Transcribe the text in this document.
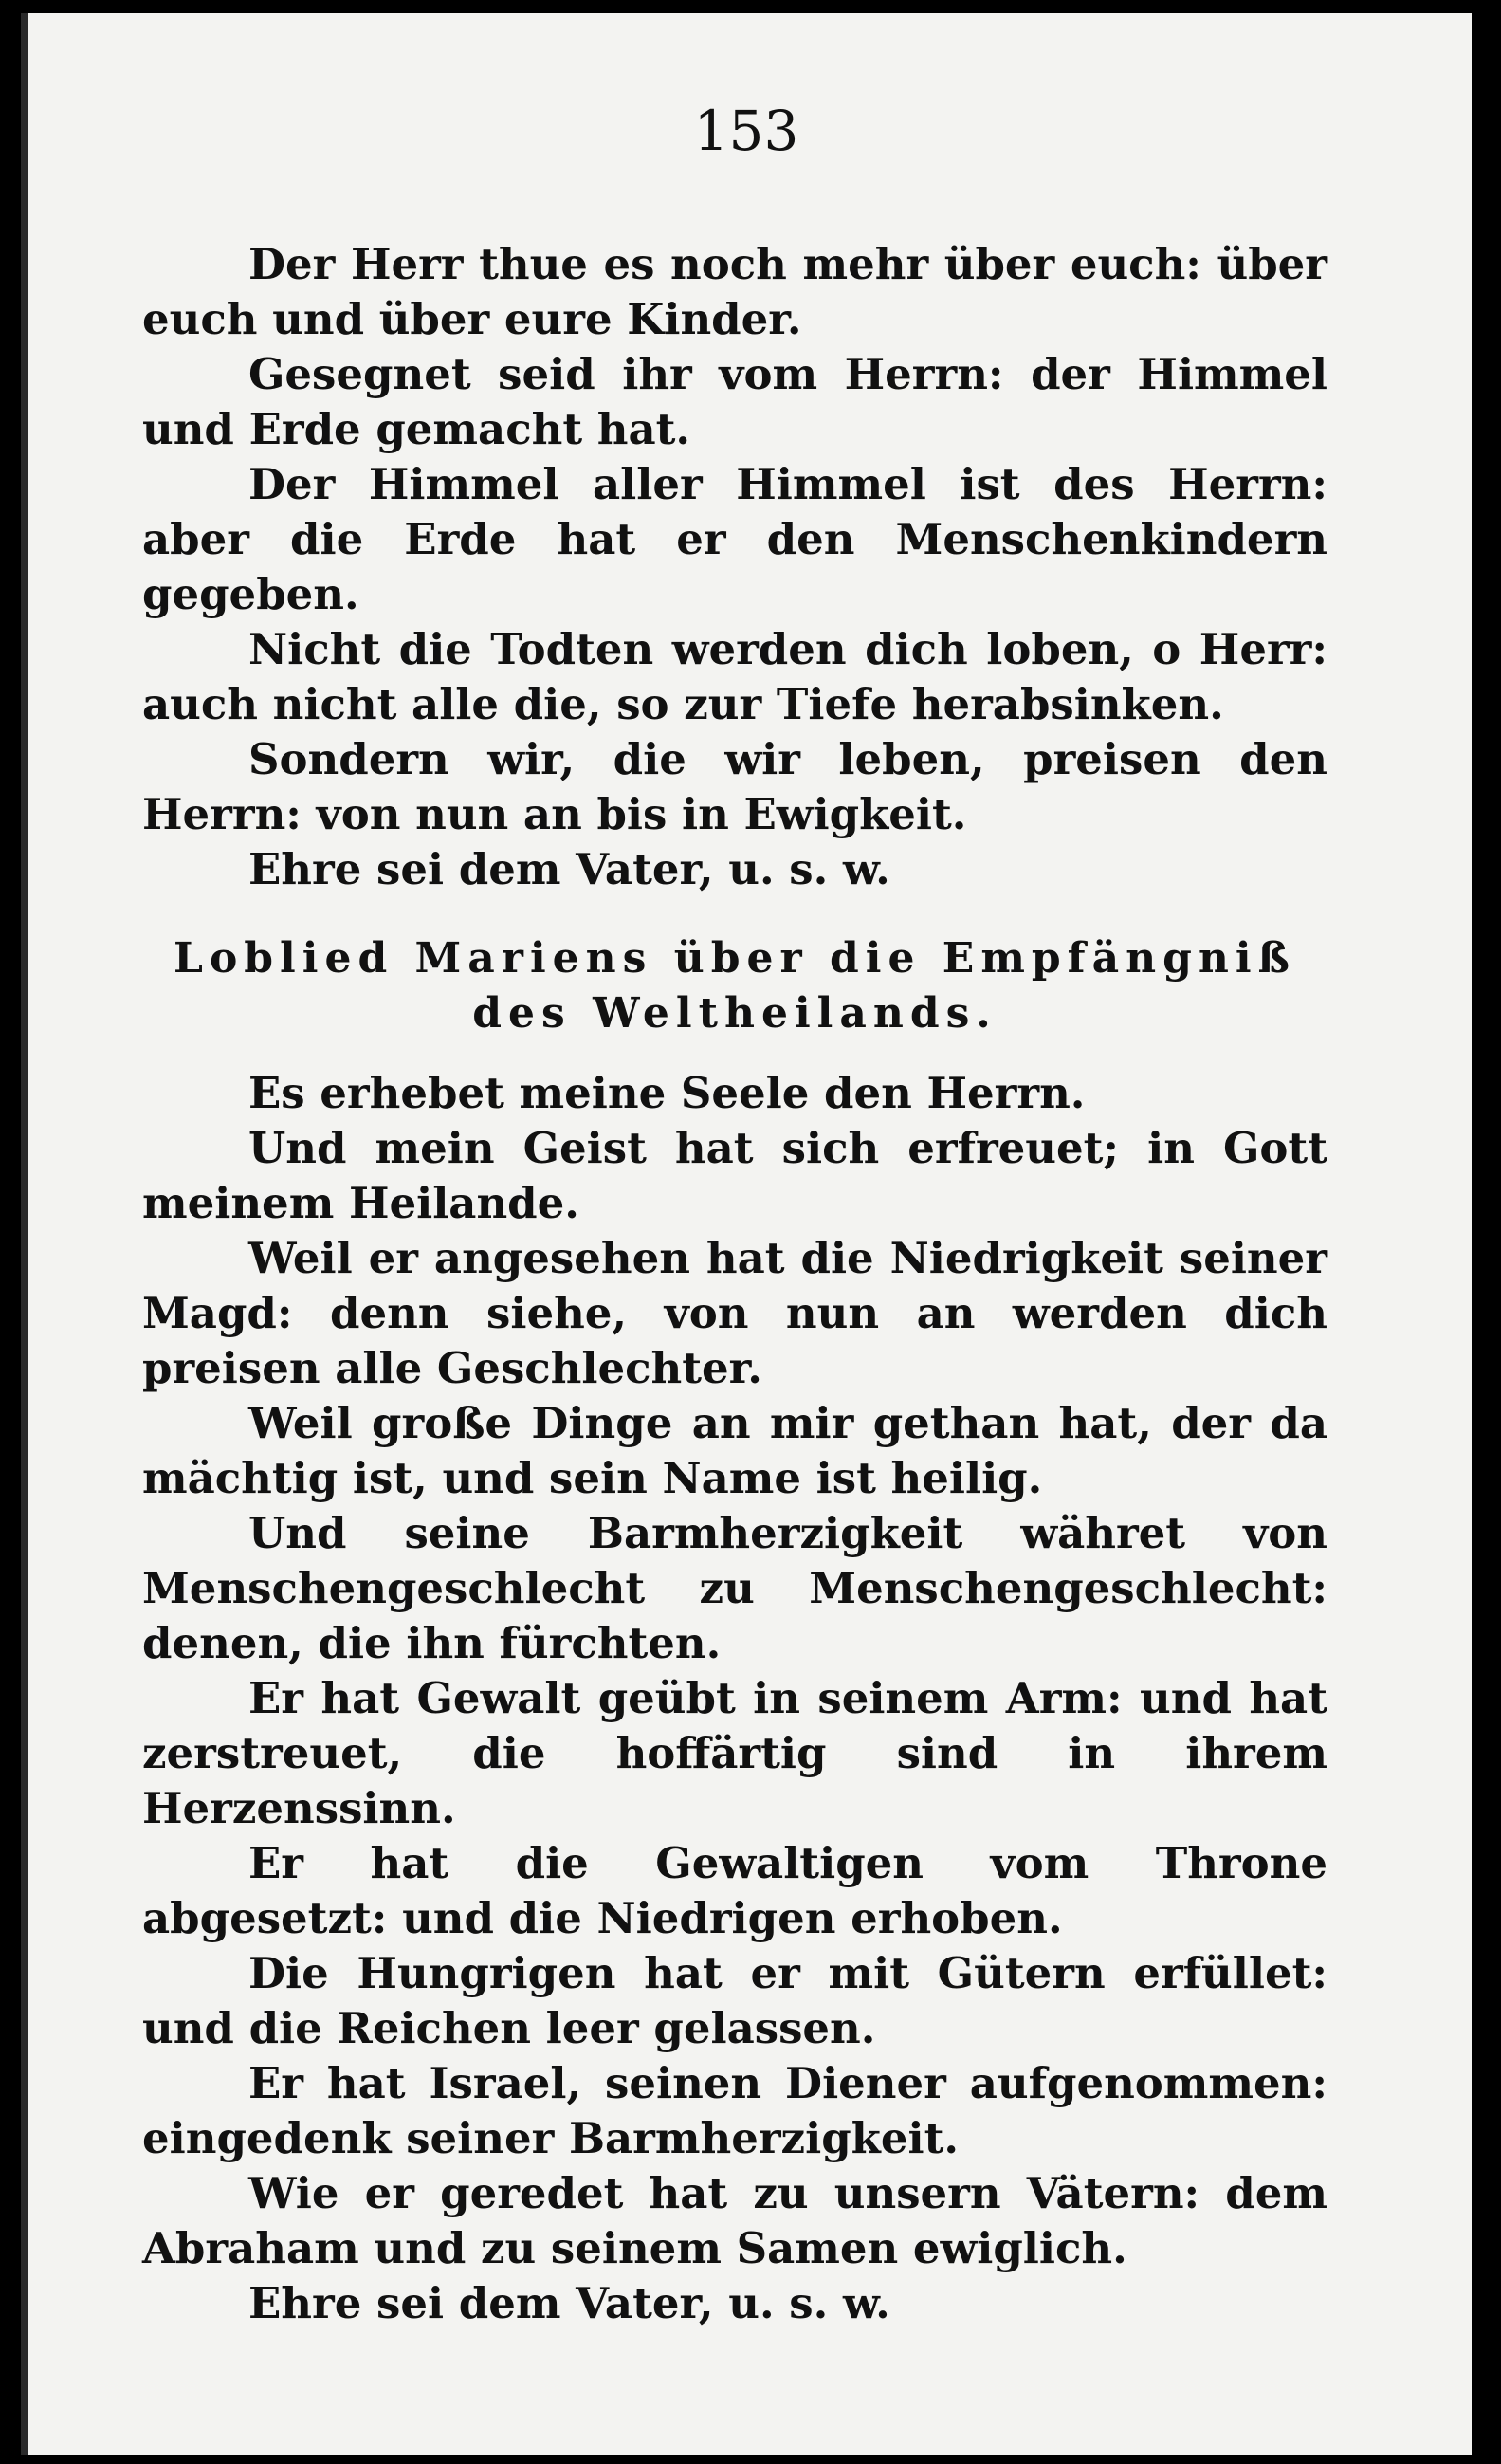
153

Der Herr thue es noch mehr über euch: über euch und über eure Kinder.

Gesegnet seid ihr vom Herrn: der Himmel und Erde gemacht hat.

Der Himmel aller Himmel ist des Herrn: aber die Erde hat er den Menschenkindern gegeben.

Nicht die Todten werden dich loben, o Herr: auch nicht alle die, so zur Tiefe herabsinken.

Sondern wir, die wir leben, preisen den Herrn: von nun an bis in Ewigkeit.

Ehre sei dem Vater, u. s. w.

Loblied Mariens über die Empfängniß
des Weltheilands.

Es erhebet meine Seele den Herrn.

Und mein Geist hat sich erfreuet; in Gott meinem Heilande.

Weil er angesehen hat die Niedrigkeit seiner Magd: denn siehe, von nun an werden dich preisen alle Geschlechter.

Weil große Dinge an mir gethan hat, der da mächtig ist, und sein Name ist heilig.

Und seine Barmherzigkeit währet von Menschengeschlecht zu Menschengeschlecht: denen, die ihn fürchten.

Er hat Gewalt geübt in seinem Arm: und hat zerstreuet, die hoffärtig sind in ihrem Herzenssinn.

Er hat die Gewaltigen vom Throne abgesetzt: und die Niedrigen erhoben.

Die Hungrigen hat er mit Gütern erfüllet: und die Reichen leer gelassen.

Er hat Israel, seinen Diener aufgenommen: eingedenk seiner Barmherzigkeit.

Wie er geredet hat zu unsern Vätern: dem Abraham und zu seinem Samen ewiglich.

Ehre sei dem Vater, u. s. w.
